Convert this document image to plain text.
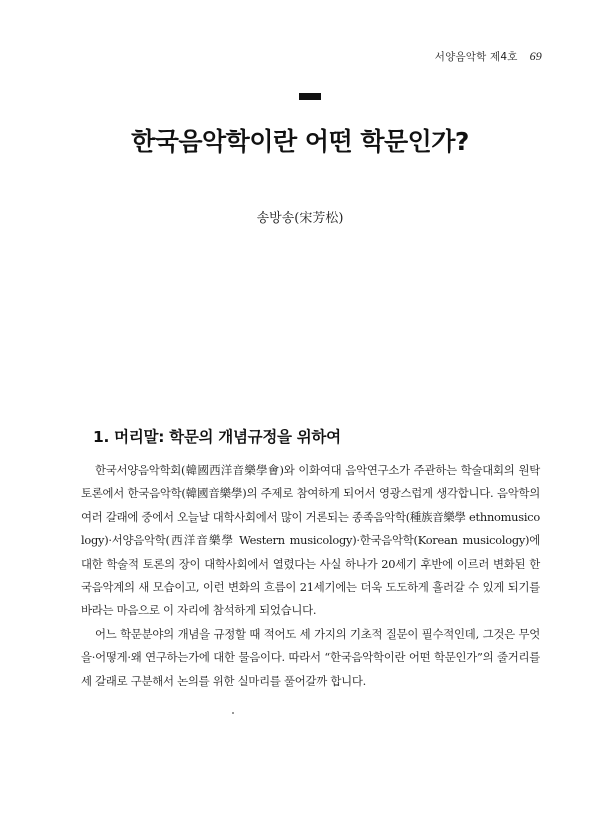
서양음악학 제4호 69
한국음악학이란 어떤 학문인가?
송방송(宋芳松)
1. 머리말: 학문의 개념규정을 위하여

한국서양음악학회(韓國西洋音樂學會)와 이화여대 음악연구소가 주관하는 학술대회의 원탁토론에서 한국음악학(韓國音樂學)의 주제로 참여하게 되어서 영광스럽게 생각합니다. 음악학의 여러 갈래에 중에서 오늘날 대학사회에서 많이 거론되는 종족음악학(種族音樂學 ethnomusicology)·서양음악학(西洋音樂學 Western musicology)·한국음악학(Korean musicology)에 대한 학술적 토론의 장이 대학사회에서 열렸다는 사실 하나가 20세기 후반에 이르러 변화된 한국음악계의 새 모습이고, 이런 변화의 흐름이 21세기에는 더욱 도도하게 흘러갈 수 있게 되기를 바라는 마음으로 이 자리에 참석하게 되었습니다.

어느 학문분야의 개념을 규정할 때 적어도 세 가지의 기초적 질문이 필수적인데, 그것은 무엇을·어떻게·왜 연구하는가에 대한 물음이다. 따라서 “한국음악학이란 어떤 학문인가”의 줄거리를 세 갈래로 구분해서 논의를 위한 실마리를 풀어갈까 합니다.
